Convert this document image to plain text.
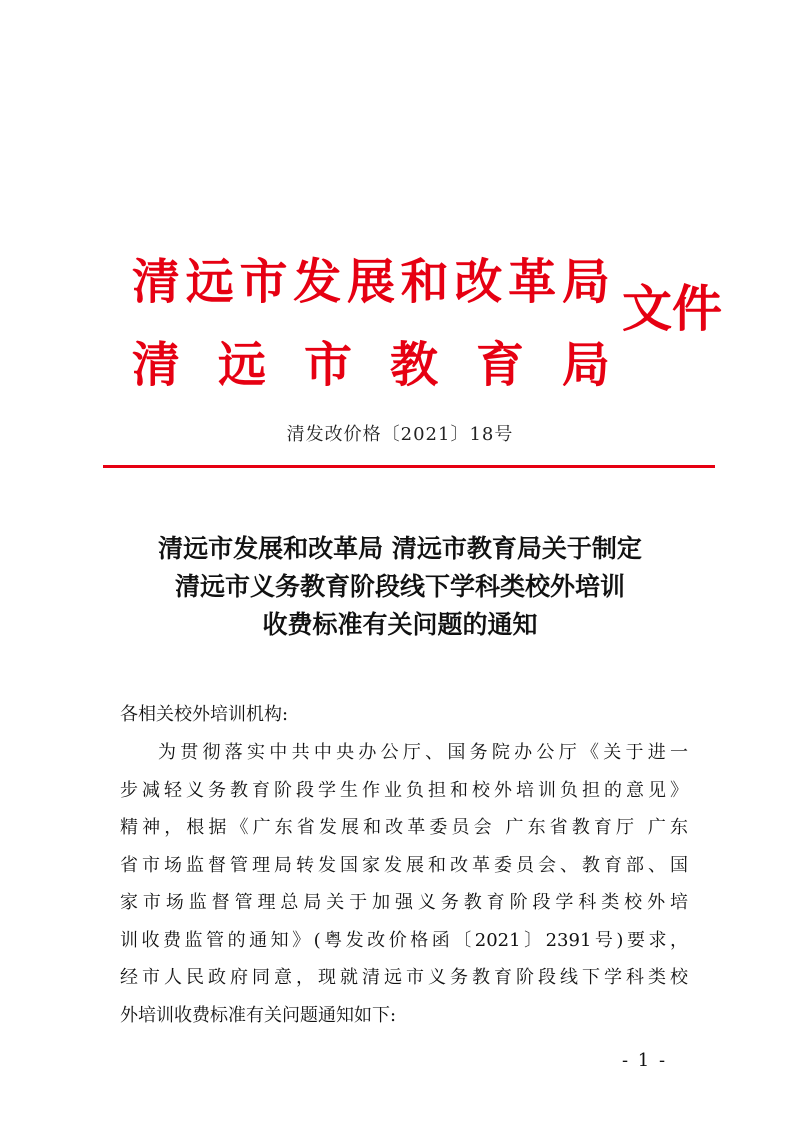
清 远 市 发 展 和 改 革 局
清 远 市 教 育 局
文件
清发改价格〔2021〕18号
清远市发展和改革局 清远市教育局关于制定
清远市义务教育阶段线下学科类校外培训
收费标准有关问题的通知
各相关校外培训机构:
为贯彻落实中共中央办公厅、国务院办公厅《关于进一
步减轻义务教育阶段学生作业负担和校外培训负担的意见》
精神，根据《广东省发展和改革委员会 广东省教育厅 广东
省市场监督管理局转发国家发展和改革委员会、教育部、国
家市场监督管理总局关于加强义务教育阶段学科类校外培
训收费监管的通知》(粤发改价格函〔2021〕2391号)要求，
经市人民政府同意，现就清远市义务教育阶段线下学科类校
外培训收费标准有关问题通知如下:
- 1 -
